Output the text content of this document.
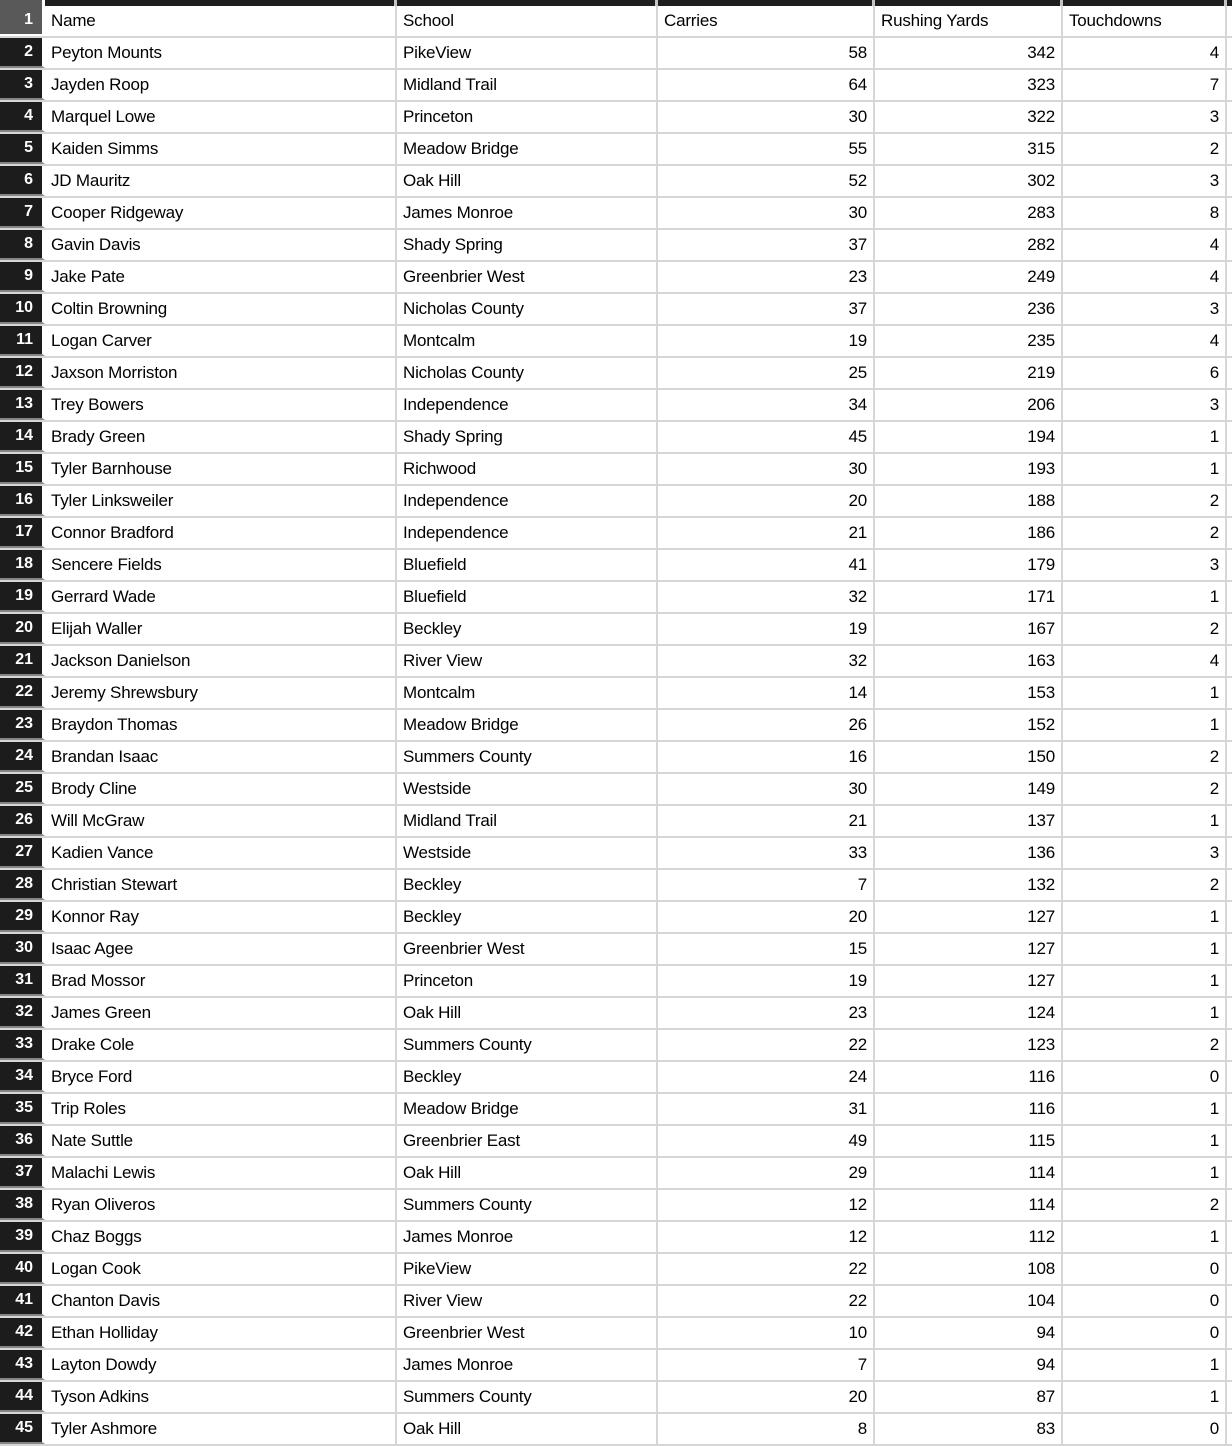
1	Name	School	Carries	Rushing Yards	Touchdowns
2	Peyton Mounts	PikeView	58	342	4
3	Jayden Roop	Midland Trail	64	323	7
4	Marquel Lowe	Princeton	30	322	3
5	Kaiden Simms	Meadow Bridge	55	315	2
6	JD Mauritz	Oak Hill	52	302	3
7	Cooper Ridgeway	James Monroe	30	283	8
8	Gavin Davis	Shady Spring	37	282	4
9	Jake Pate	Greenbrier West	23	249	4
10	Coltin Browning	Nicholas County	37	236	3
11	Logan Carver	Montcalm	19	235	4
12	Jaxson Morriston	Nicholas County	25	219	6
13	Trey Bowers	Independence	34	206	3
14	Brady Green	Shady Spring	45	194	1
15	Tyler Barnhouse	Richwood	30	193	1
16	Tyler Linksweiler	Independence	20	188	2
17	Connor Bradford	Independence	21	186	2
18	Sencere Fields	Bluefield	41	179	3
19	Gerrard Wade	Bluefield	32	171	1
20	Elijah Waller	Beckley	19	167	2
21	Jackson Danielson	River View	32	163	4
22	Jeremy Shrewsbury	Montcalm	14	153	1
23	Braydon Thomas	Meadow Bridge	26	152	1
24	Brandan Isaac	Summers County	16	150	2
25	Brody Cline	Westside	30	149	2
26	Will McGraw	Midland Trail	21	137	1
27	Kadien Vance	Westside	33	136	3
28	Christian Stewart	Beckley	7	132	2
29	Konnor Ray	Beckley	20	127	1
30	Isaac Agee	Greenbrier West	15	127	1
31	Brad Mossor	Princeton	19	127	1
32	James Green	Oak Hill	23	124	1
33	Drake Cole	Summers County	22	123	2
34	Bryce Ford	Beckley	24	116	0
35	Trip Roles	Meadow Bridge	31	116	1
36	Nate Suttle	Greenbrier East	49	115	1
37	Malachi Lewis	Oak Hill	29	114	1
38	Ryan Oliveros	Summers County	12	114	2
39	Chaz Boggs	James Monroe	12	112	1
40	Logan Cook	PikeView	22	108	0
41	Chanton Davis	River View	22	104	0
42	Ethan Holliday	Greenbrier West	10	94	0
43	Layton Dowdy	James Monroe	7	94	1
44	Tyson Adkins	Summers County	20	87	1
45	Tyler Ashmore	Oak Hill	8	83	0
